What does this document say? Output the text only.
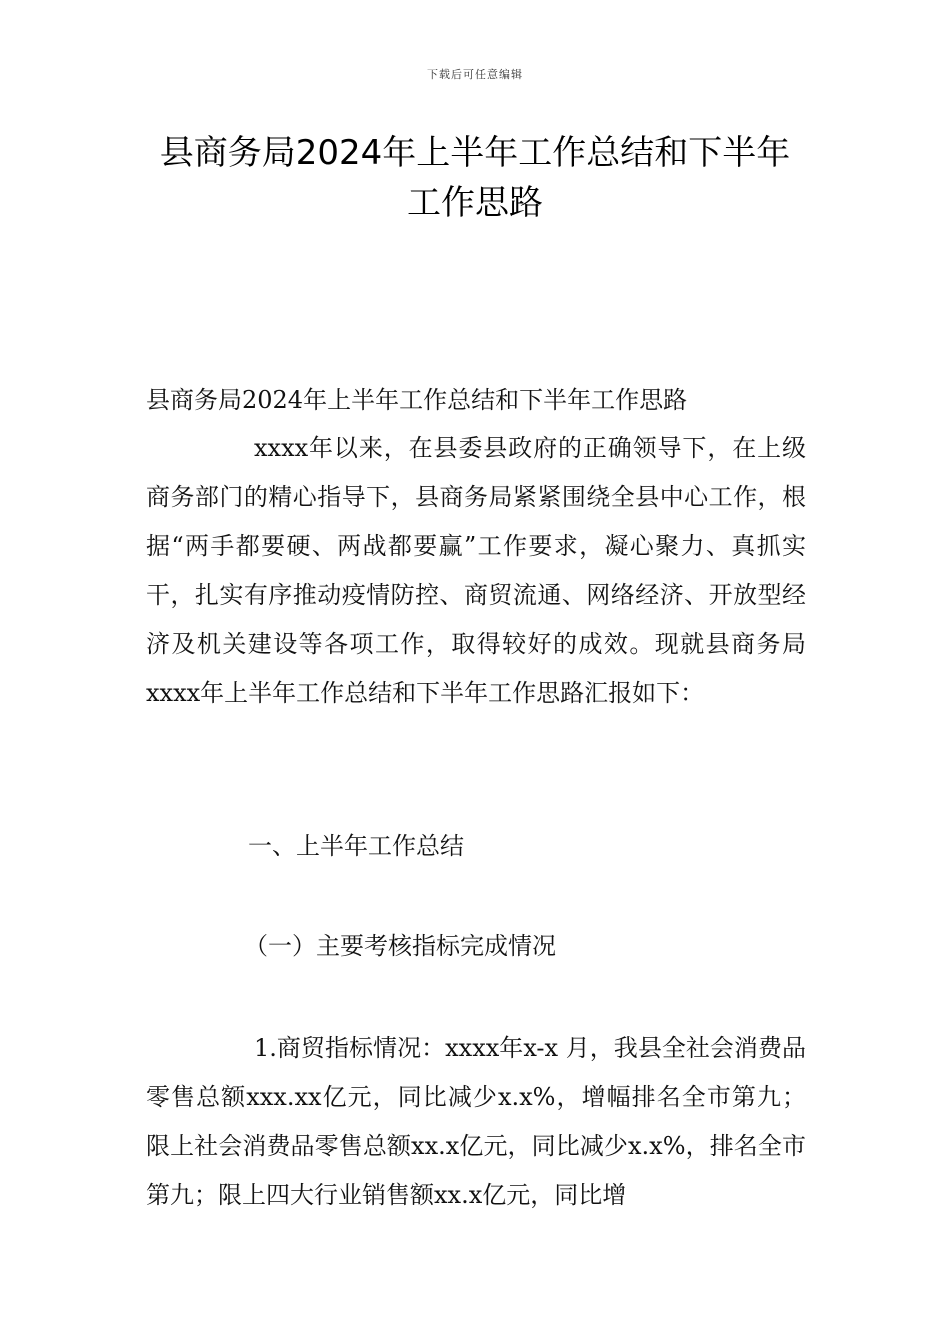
下载后可任意编辑
县商务局2024年上半年工作总结和下半年
工作思路
县商务局2024年上半年工作总结和下半年工作思路

xxxx年以来，在县委县政府的正确领导下，在上级商务部门的精心指导下，县商务局紧紧围绕全县中心工作，根据“两手都要硬、两战都要赢”工作要求，凝心聚力、真抓实干，扎实有序推动疫情防控、商贸流通、网络经济、开放型经济及机关建设等各项工作，取得较好的成效。现就县商务局xxxx年上半年工作总结和下半年工作思路汇报如下：

一、上半年工作总结
（一）主要考核指标完成情况

1.商贸指标情况：xxxx年x-x 月，我县全社会消费品零售总额xxx.xx亿元，同比减少x.x%，增幅排名全市第九；限上社会消费品零售总额xx.x亿元，同比减少x.x%，排名全市第九；限上四大行业销售额xx.x亿元，同比增
